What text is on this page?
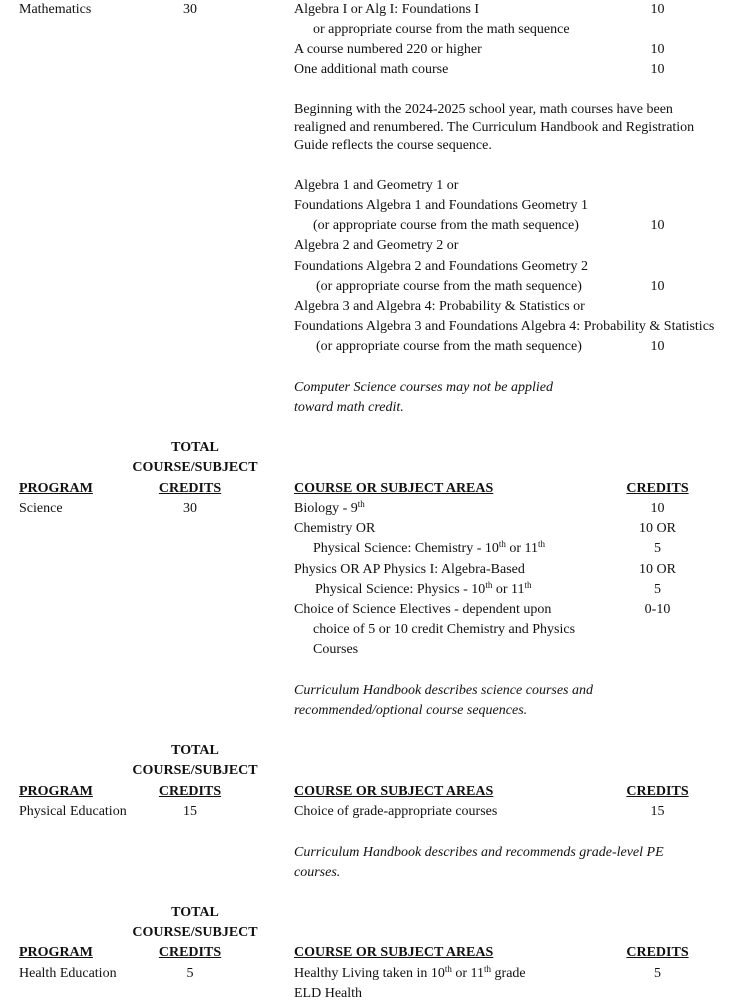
Mathematics	30	Algebra I or Alg I: Foundations I	10
or appropriate course from the math sequence
A course numbered 220 or higher	10
One additional math course	10
Beginning with the 2024-2025 school year, math courses have been
realigned and renumbered. The Curriculum Handbook and Registration
Guide reflects the course sequence.
Algebra 1 and Geometry 1 or
Foundations Algebra 1 and Foundations Geometry 1
(or appropriate course from the math sequence)	10
Algebra 2 and Geometry 2 or
Foundations Algebra 2 and Foundations Geometry 2
(or appropriate course from the math sequence)	10
Algebra 3 and Algebra 4: Probability & Statistics or
Foundations Algebra 3 and Foundations Algebra 4: Probability & Statistics
(or appropriate course from the math sequence)	10
Computer Science courses may not be applied
toward math credit.
TOTAL
COURSE/SUBJECT
PROGRAM	CREDITS	COURSE OR SUBJECT AREAS	CREDITS
Science	30	Biology - 9th	10
Chemistry OR	10 OR
Physical Science: Chemistry - 10th or 11th	5
Physics OR AP Physics I: Algebra-Based	10 OR
Physical Science: Physics - 10th or 11th	5
Choice of Science Electives - dependent upon	0-10
choice of 5 or 10 credit Chemistry and Physics
Courses
Curriculum Handbook describes science courses and
recommended/optional course sequences.
TOTAL
COURSE/SUBJECT
PROGRAM	CREDITS	COURSE OR SUBJECT AREAS	CREDITS
Physical Education	15	Choice of grade-appropriate courses	15
Curriculum Handbook describes and recommends grade-level PE
courses.
TOTAL
COURSE/SUBJECT
PROGRAM	CREDITS	COURSE OR SUBJECT AREAS	CREDITS
Health Education	5	Healthy Living taken in 10th or 11th grade	5
ELD Health
